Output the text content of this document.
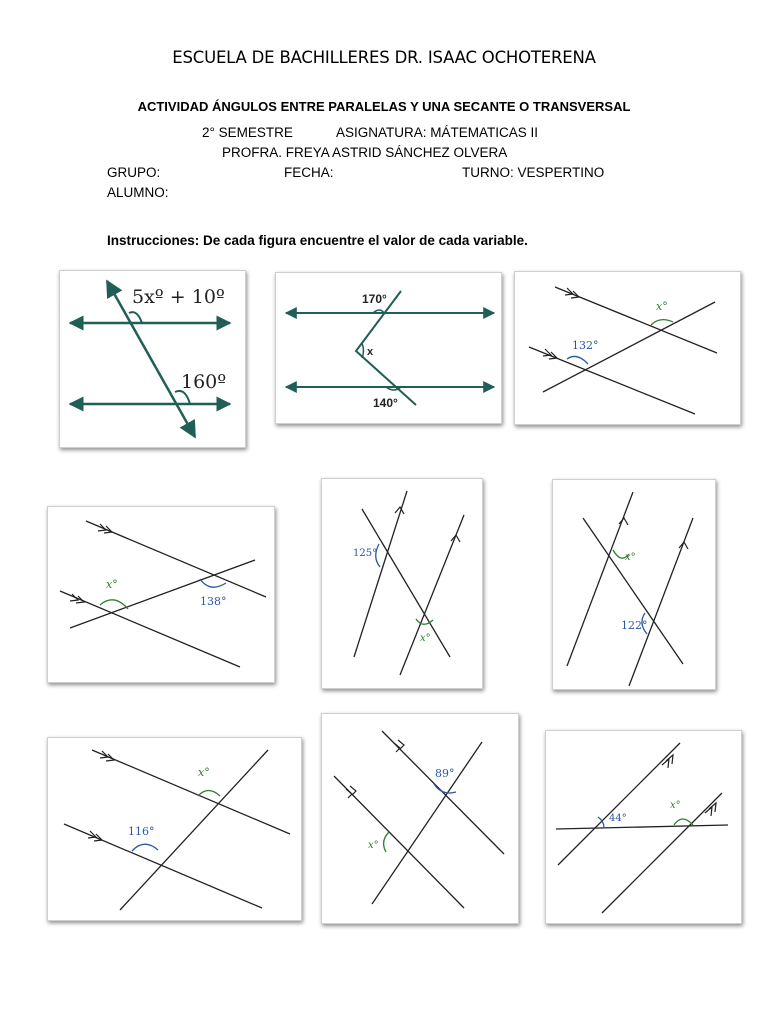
ESCUELA DE BACHILLERES DR. ISAAC OCHOTERENA
ACTIVIDAD ÁNGULOS ENTRE PARALELAS Y UNA SECANTE O TRANSVERSAL
2° SEMESTRE	ASIGNATURA: MÁTEMATICAS II
PROFRA. FREYA ASTRID SÁNCHEZ OLVERA
GRUPO:	FECHA:	TURNO: VESPERTINO
ALUMNO:
Instrucciones: De cada figura encuentre el valor de cada variable.
5xº + 10º
160º
170°
x
140°
x°
132°
x°
138°
125°
x°
x°
122°
x°
116°
89°
x°
44°
x°
